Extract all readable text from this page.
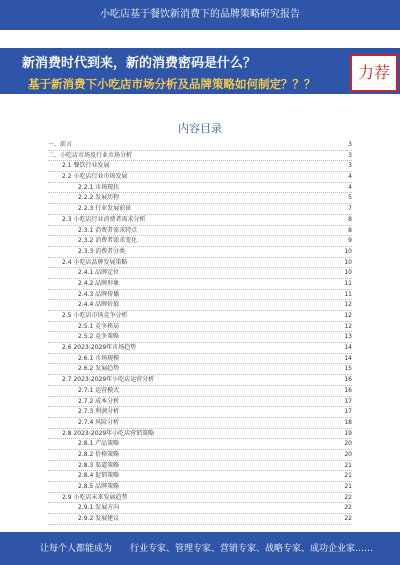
小吃店基于餐饮新消费下的品牌策略研究报告
新消费时代到来，新的消费密码是什么？
基于新消费下小吃店市场分析及品牌策略如何制定？？？
力荐
内容目录
一、前言	3
二、小吃店市场及行业市场分析	3
2.1 餐饮行业发展	3
2.2 小吃店行业市场发展	4
2.2.1 市场现状	4
2.2.2 发展历程	5
2.2.3 行业发展前景	7
2.3 小吃店行业消费者需求分析	8
2.3.1 消费者需求特点	8
2.3.2 消费者需求变化	9
2.3.3 消费者分类	10
2.4 小吃店品牌发展策略	10
2.4.1 品牌定位	10
2.4.2 品牌形象	11
2.4.3 品牌传播	11
2.4.4 品牌价值	12
2.5 小吃店市场竞争分析	12
2.5.1 竞争格局	12
2.5.2 竞争策略	13
2.6 2023-2029年市场趋势	14
2.6.1 市场规模	14
2.6.2 发展趋势	15
2.7 2023-2029年小吃店运营分析	16
2.7.1 运营模式	16
2.7.2 成本分析	17
2.7.3 利润分析	17
2.7.4 风险分析	18
2.8 2023-2029年小吃店营销策略	19
2.8.1 产品策略	20
2.8.2 价格策略	20
2.8.3 渠道策略	21
2.8.4 促销策略	21
2.8.5 品牌策略	21
2.9 小吃店未来发展趋势	22
2.9.1 发展方向	22
2.9.2 发展建议	22
让每个人都能成为 行业专家、管理专家、营销专家、战略专家、成功企业家……
